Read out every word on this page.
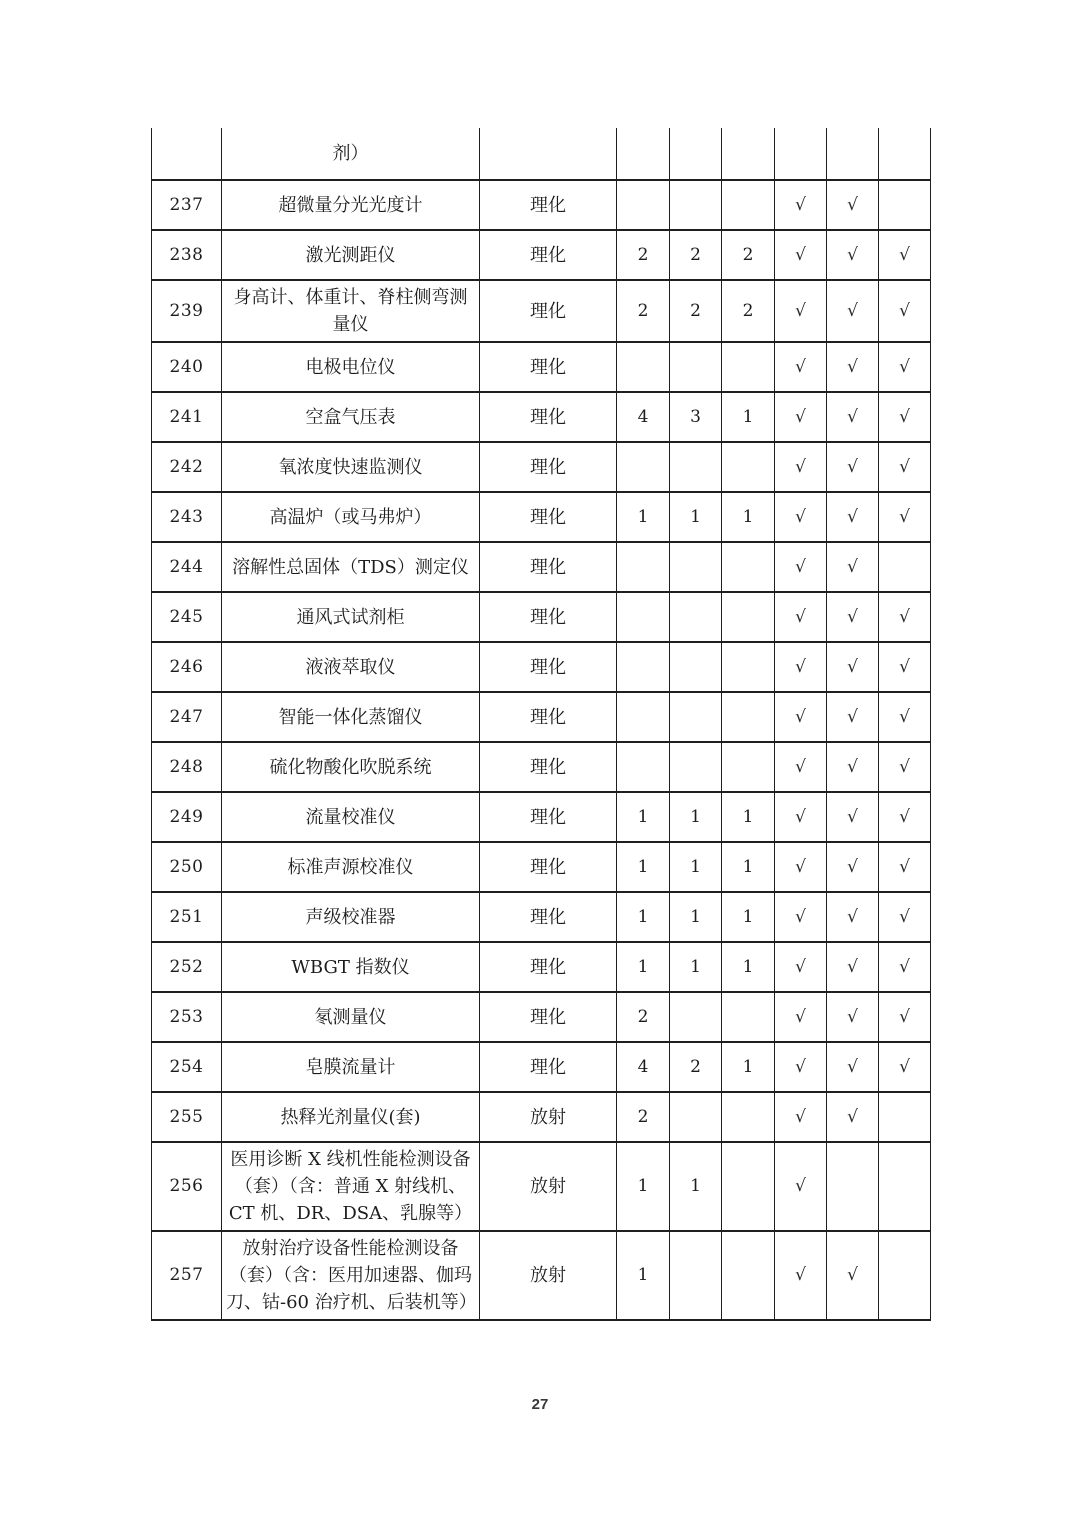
	剂）							
237	超微量分光光度计	理化				√	√	
238	激光测距仪	理化	2	2	2	√	√	√
239	身高计、体重计、脊柱侧弯测量仪	理化	2	2	2	√	√	√
240	电极电位仪	理化				√	√	√
241	空盒气压表	理化	4	3	1	√	√	√
242	氧浓度快速监测仪	理化				√	√	√
243	高温炉（或马弗炉）	理化	1	1	1	√	√	√
244	溶解性总固体（TDS）测定仪	理化				√	√	
245	通风式试剂柜	理化				√	√	√
246	液液萃取仪	理化				√	√	√
247	智能一体化蒸馏仪	理化				√	√	√
248	硫化物酸化吹脱系统	理化				√	√	√
249	流量校准仪	理化	1	1	1	√	√	√
250	标准声源校准仪	理化	1	1	1	√	√	√
251	声级校准器	理化	1	1	1	√	√	√
252	WBGT 指数仪	理化	1	1	1	√	√	√
253	氡测量仪	理化	2			√	√	√
254	皂膜流量计	理化	4	2	1	√	√	√
255	热释光剂量仪(套)	放射	2			√	√	
256	医用诊断 X 线机性能检测设备（套）（含：普通 X 射线机、CT 机、DR、DSA、乳腺等）	放射	1	1		√		
257	放射治疗设备性能检测设备（套）（含：医用加速器、伽玛刀、钴-60 治疗机、后装机等）	放射	1			√	√	
27
